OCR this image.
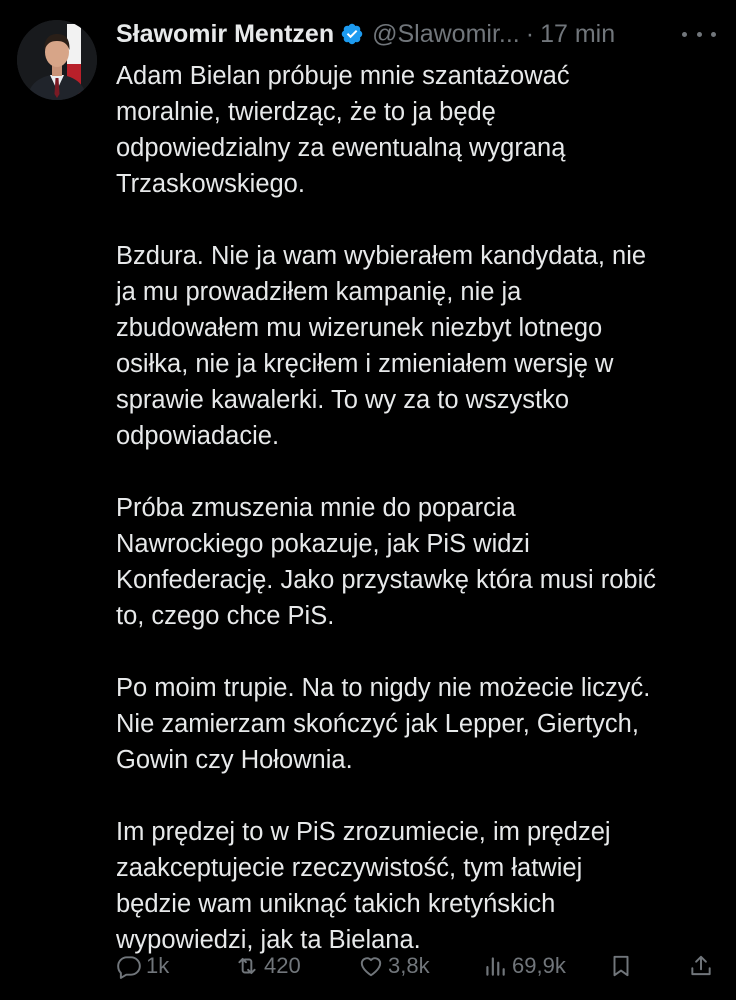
Sławomir Mentzen @Slawomir... · 17 min

Adam Bielan próbuje mnie szantażować
moralnie, twierdząc, że to ja będę
odpowiedzialny za ewentualną wygraną
Trzaskowskiego.

Bzdura. Nie ja wam wybierałem kandydata, nie
ja mu prowadziłem kampanię, nie ja
zbudowałem mu wizerunek niezbyt lotnego
osiłka, nie ja kręciłem i zmieniałem wersję w
sprawie kawalerki. To wy za to wszystko
odpowiadacie.

Próba zmuszenia mnie do poparcia
Nawrockiego pokazuje, jak PiS widzi
Konfederację. Jako przystawkę która musi robić
to, czego chce PiS.

Po moim trupie. Na to nigdy nie możecie liczyć.
Nie zamierzam skończyć jak Lepper, Giertych,
Gowin czy Hołownia.

Im prędzej to w PiS zrozumiecie, im prędzej
zaakceptujecie rzeczywistość, tym łatwiej
będzie wam uniknąć takich kretyńskich
wypowiedzi, jak ta Bielana.

1k	420	3,8k	69,9k
